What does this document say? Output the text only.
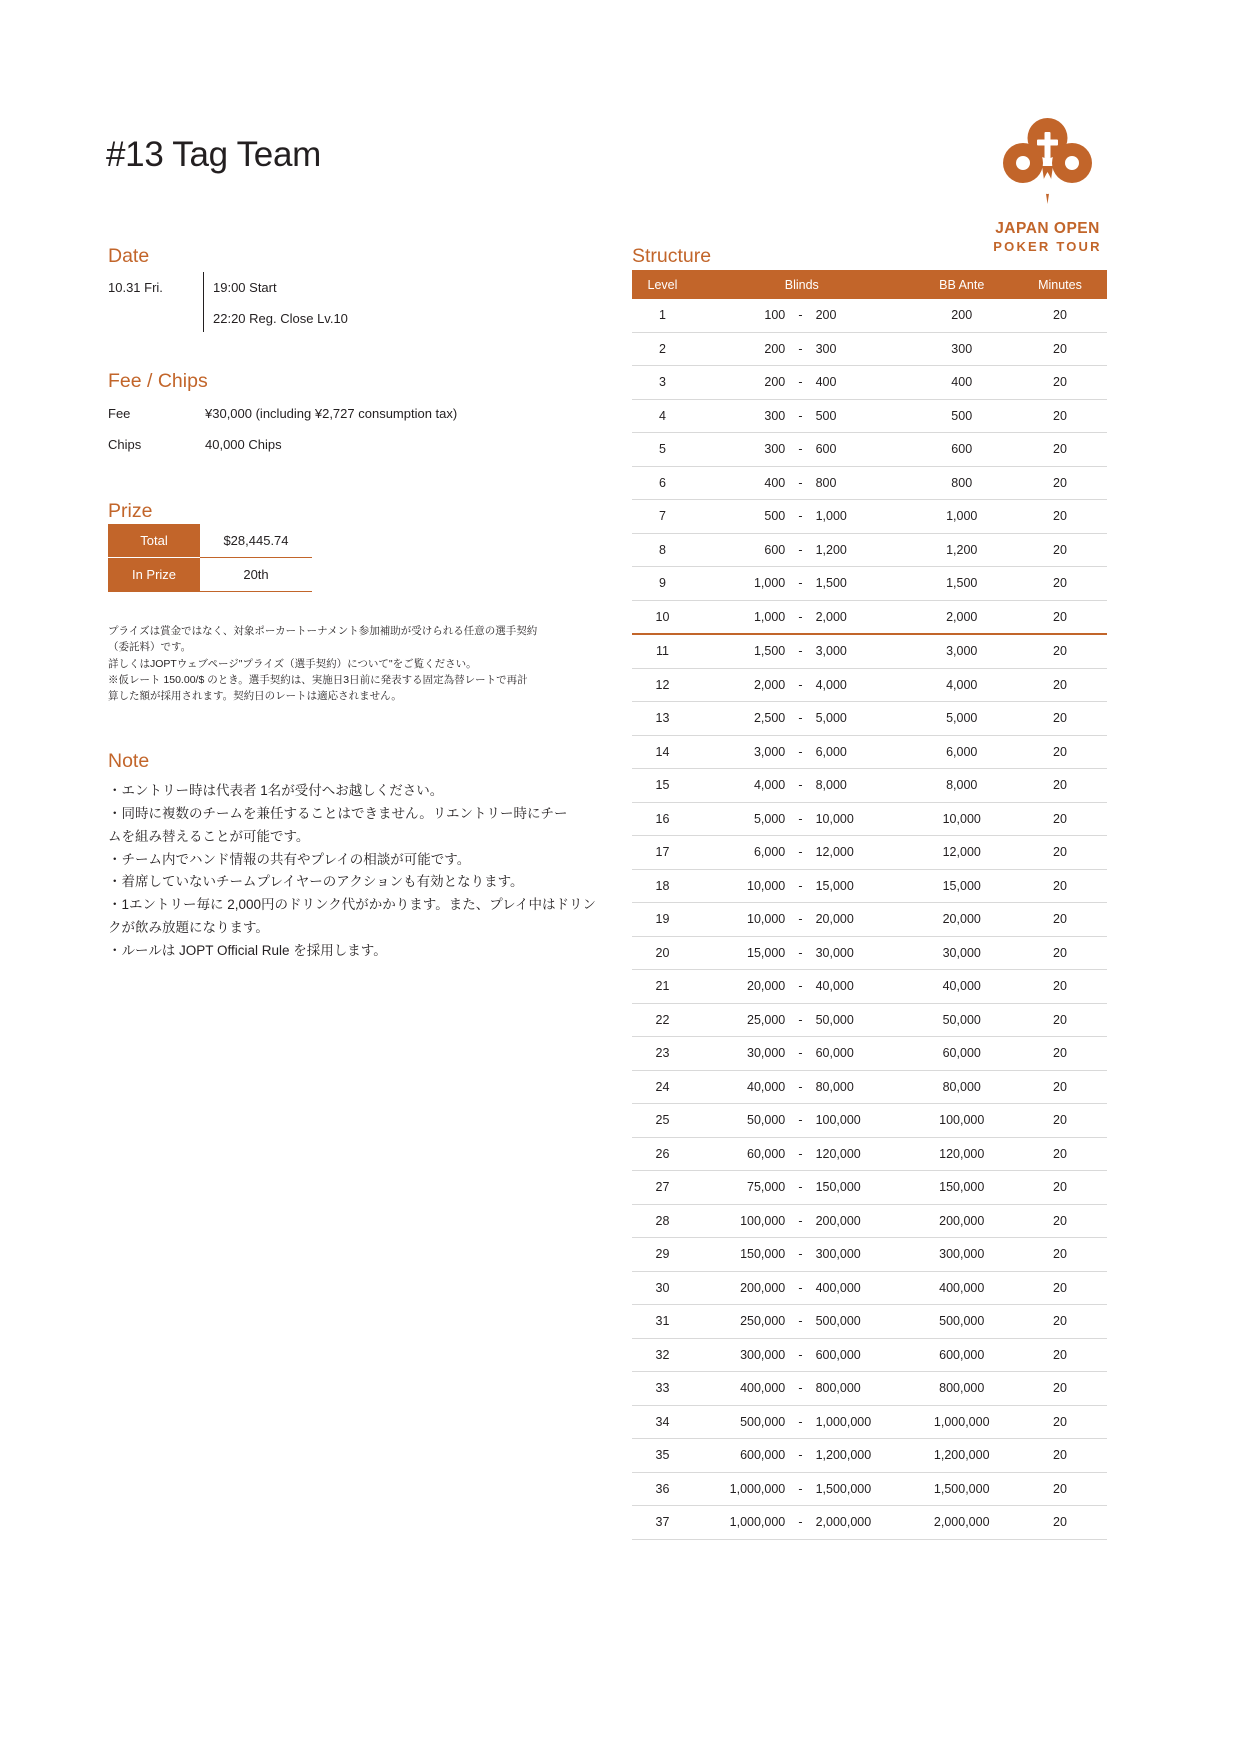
#13 Tag Team
JAPAN OPEN
POKER TOUR
Date
10.31 Fri.	19:00 Start
22:20 Reg. Close Lv.10
Fee / Chips
Fee	¥30,000 (including ¥2,727 consumption tax)
Chips	40,000 Chips
Prize
Total	$28,445.74
In Prize	20th
プライズは賞金ではなく、対象ポーカートーナメント参加補助が受けられる任意の選手契約
（委託料）です。
詳しくはJOPTウェブページ"プライズ（選手契約）について"をご覧ください。
※仮レート 150.00/$ のとき。選手契約は、実施日3日前に発表する固定為替レートで再計
算した額が採用されます。契約日のレートは適応されません。
Note
・エントリー時は代表者 1名が受付へお越しください。
・同時に複数のチームを兼任することはできません。リエントリー時にチー
ムを組み替えることが可能です。
・チーム内でハンド情報の共有やプレイの相談が可能です。
・着席していないチームプレイヤーのアクションも有効となります。
・1エントリー毎に 2,000円のドリンク代がかかります。また、プレイ中はドリン
クが飲み放題になります。
・ルールは JOPT Official Rule を採用します。
Structure
Level	Blinds			BB Ante	Minutes
1	100	-	200	200	20
2	200	-	300	300	20
3	200	-	400	400	20
4	300	-	500	500	20
5	300	-	600	600	20
6	400	-	800	800	20
7	500	-	1,000	1,000	20
8	600	-	1,200	1,200	20
9	1,000	-	1,500	1,500	20
10	1,000	-	2,000	2,000	20
11	1,500	-	3,000	3,000	20
12	2,000	-	4,000	4,000	20
13	2,500	-	5,000	5,000	20
14	3,000	-	6,000	6,000	20
15	4,000	-	8,000	8,000	20
16	5,000	-	10,000	10,000	20
17	6,000	-	12,000	12,000	20
18	10,000	-	15,000	15,000	20
19	10,000	-	20,000	20,000	20
20	15,000	-	30,000	30,000	20
21	20,000	-	40,000	40,000	20
22	25,000	-	50,000	50,000	20
23	30,000	-	60,000	60,000	20
24	40,000	-	80,000	80,000	20
25	50,000	-	100,000	100,000	20
26	60,000	-	120,000	120,000	20
27	75,000	-	150,000	150,000	20
28	100,000	-	200,000	200,000	20
29	150,000	-	300,000	300,000	20
30	200,000	-	400,000	400,000	20
31	250,000	-	500,000	500,000	20
32	300,000	-	600,000	600,000	20
33	400,000	-	800,000	800,000	20
34	500,000	-	1,000,000	1,000,000	20
35	600,000	-	1,200,000	1,200,000	20
36	1,000,000	-	1,500,000	1,500,000	20
37	1,000,000	-	2,000,000	2,000,000	20
